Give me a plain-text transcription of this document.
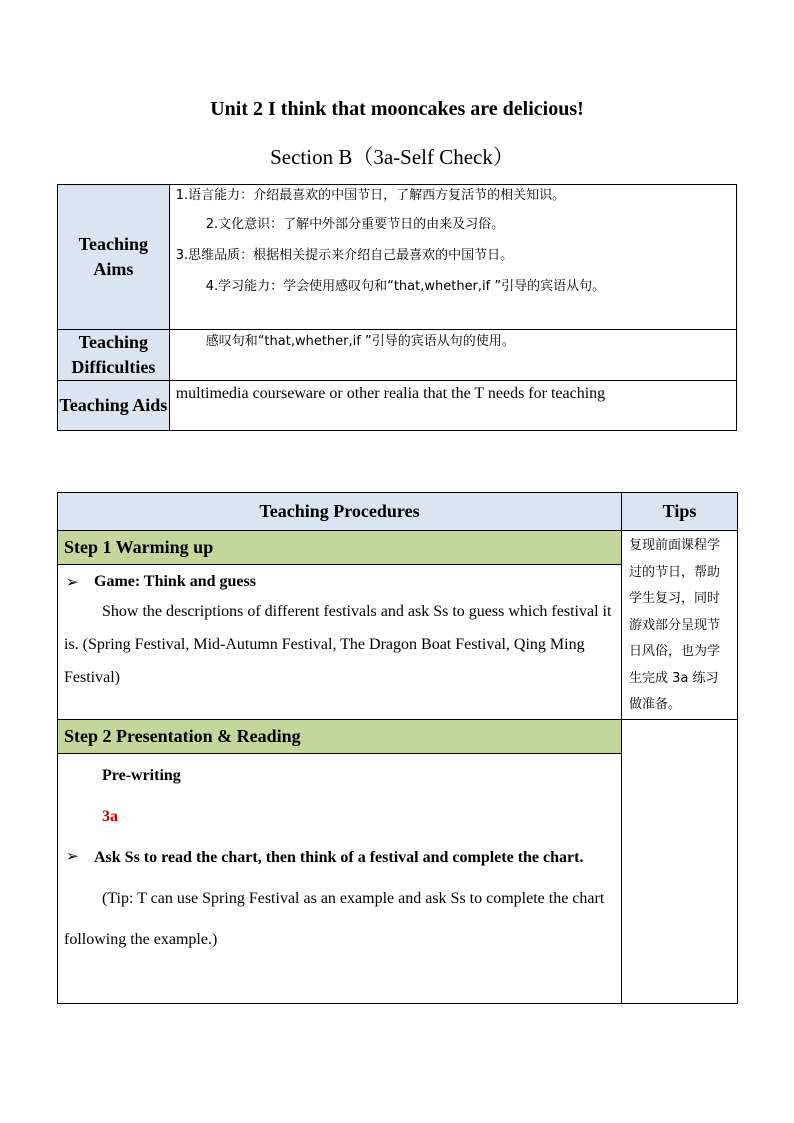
Unit 2 I think that mooncakes are delicious!
Section B（3a-Self Check）
Teaching Aims	1.语言能力：介绍最喜欢的中国节日，了解西方复活节的相关知识。
2.文化意识：了解中外部分重要节日的由来及习俗。
3.思维品质：根据相关提示来介绍自己最喜欢的中国节日。
4.学习能力：学会使用感叹句和“that,whether,if ”引导的宾语从句。

Teaching Difficulties	感叹句和“that,whether,if ”引导的宾语从句的使用。
Teaching Aids	multimedia courseware or other realia that the T needs for teaching
Teaching Procedures	Tips
Step 1 Warming up	复现前面课程学过的节日，帮助学生复习，同时游戏部分呈现节日风俗，也为学生完成 3a 练习做准备。

➢ Game: Think and guess
Show the descriptions of different festivals and ask Ss to guess which festival it is. (Spring Festival, Mid-Autumn Festival, The Dragon Boat Festival, Qing Ming Festival)	

Step 2 Presentation & Reading	

Pre-writing
3a
➢ Ask Ss to read the chart, then think of a festival and complete the chart.
(Tip: T can use Spring Festival as an example and ask Ss to complete the chart following the example.)	
